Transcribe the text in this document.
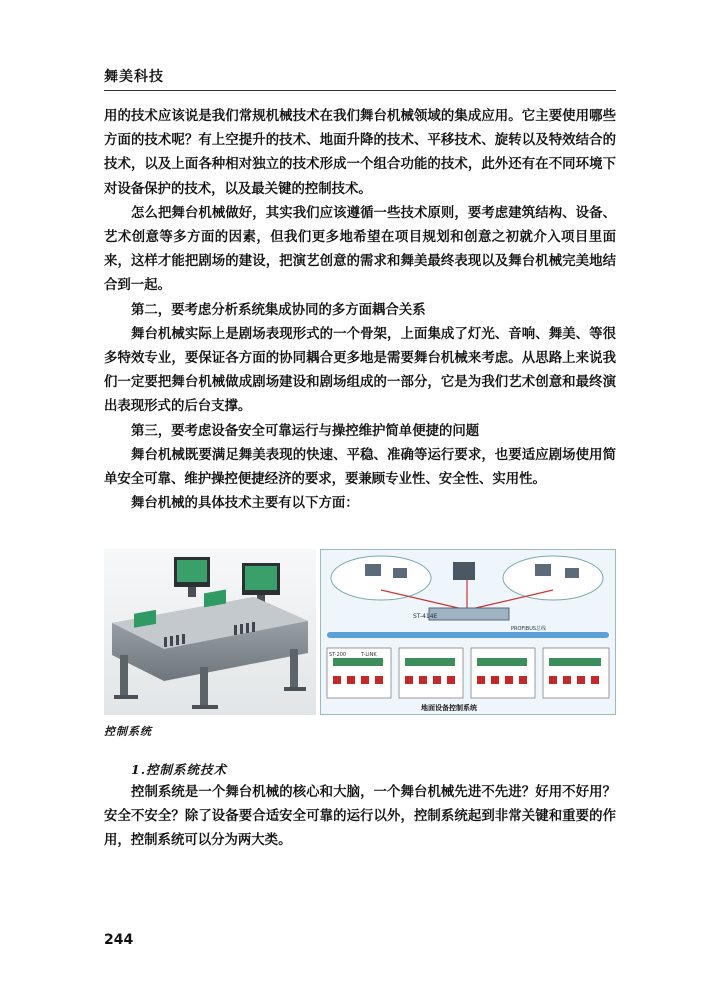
舞美科技

用的技术应该说是我们常规机械技术在我们舞台机械领域的集成应用。它主要使用哪些方面的技术呢？有上空提升的技术、地面升降的技术、平移技术、旋转以及特效结合的技术，以及上面各种相对独立的技术形成一个组合功能的技术，此外还有在不同环境下对设备保护的技术，以及最关键的控制技术。

怎么把舞台机械做好，其实我们应该遵循一些技术原则，要考虑建筑结构、设备、艺术创意等多方面的因素，但我们更多地希望在项目规划和创意之初就介入项目里面来，这样才能把剧场的建设，把演艺创意的需求和舞美最终表现以及舞台机械完美地结合到一起。

第二，要考虑分析系统集成协同的多方面耦合关系

舞台机械实际上是剧场表现形式的一个骨架，上面集成了灯光、音响、舞美、等很多特效专业，要保证各方面的协同耦合更多地是需要舞台机械来考虑。从思路上来说我们一定要把舞台机械做成剧场建设和剧场组成的一部分，它是为我们艺术创意和最终演出表现形式的后台支撑。

第三，要考虑设备安全可靠运行与操控维护简单便捷的问题

舞台机械既要满足舞美表现的快速、平稳、准确等运行要求，也要适应剧场使用简单安全可靠、维护操控便捷经济的要求，要兼顾专业性、安全性、实用性。

舞台机械的具体技术主要有以下方面：

ST-414E
PROFIBUS总线
ST-200	T-LINK
地面设备控制系统
控制系统
1.控制系统技术

控制系统是一个舞台机械的核心和大脑，一个舞台机械先进不先进？好用不好用？安全不安全？除了设备要合适安全可靠的运行以外，控制系统起到非常关键和重要的作用，控制系统可以分为两大类。

244
